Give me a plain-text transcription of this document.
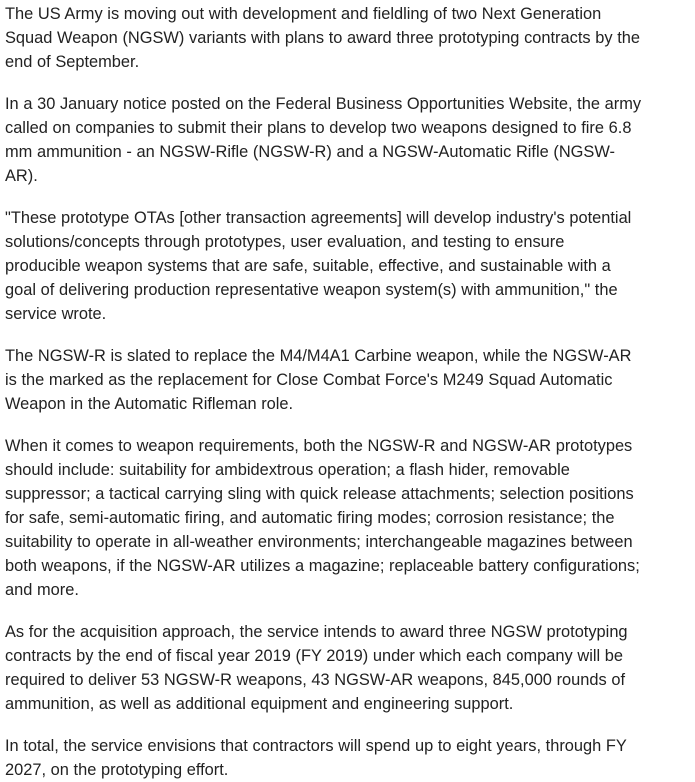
The US Army is moving out with development and fieldling of two Next Generation
Squad Weapon (NGSW) variants with plans to award three prototyping contracts by the
end of September.

In a 30 January notice posted on the Federal Business Opportunities Website, the army
called on companies to submit their plans to develop two weapons designed to fire 6.8
mm ammunition - an NGSW-Rifle (NGSW-R) and a NGSW-Automatic Rifle (NGSW-
AR).

"These prototype OTAs [other transaction agreements] will develop industry's potential
solutions/concepts through prototypes, user evaluation, and testing to ensure
producible weapon systems that are safe, suitable, effective, and sustainable with a
goal of delivering production representative weapon system(s) with ammunition," the
service wrote.

The NGSW-R is slated to replace the M4/M4A1 Carbine weapon, while the NGSW-AR
is the marked as the replacement for Close Combat Force's M249 Squad Automatic
Weapon in the Automatic Rifleman role.

When it comes to weapon requirements, both the NGSW-R and NGSW-AR prototypes
should include: suitability for ambidextrous operation; a flash hider, removable
suppressor; a tactical carrying sling with quick release attachments; selection positions
for safe, semi-automatic firing, and automatic firing modes; corrosion resistance; the
suitability to operate in all-weather environments; interchangeable magazines between
both weapons, if the NGSW-AR utilizes a magazine; replaceable battery configurations;
and more.

As for the acquisition approach, the service intends to award three NGSW prototyping
contracts by the end of fiscal year 2019 (FY 2019) under which each company will be
required to deliver 53 NGSW-R weapons, 43 NGSW-AR weapons, 845,000 rounds of
ammunition, as well as additional equipment and engineering support.

In total, the service envisions that contractors will spend up to eight years, through FY
2027, on the prototyping effort.
